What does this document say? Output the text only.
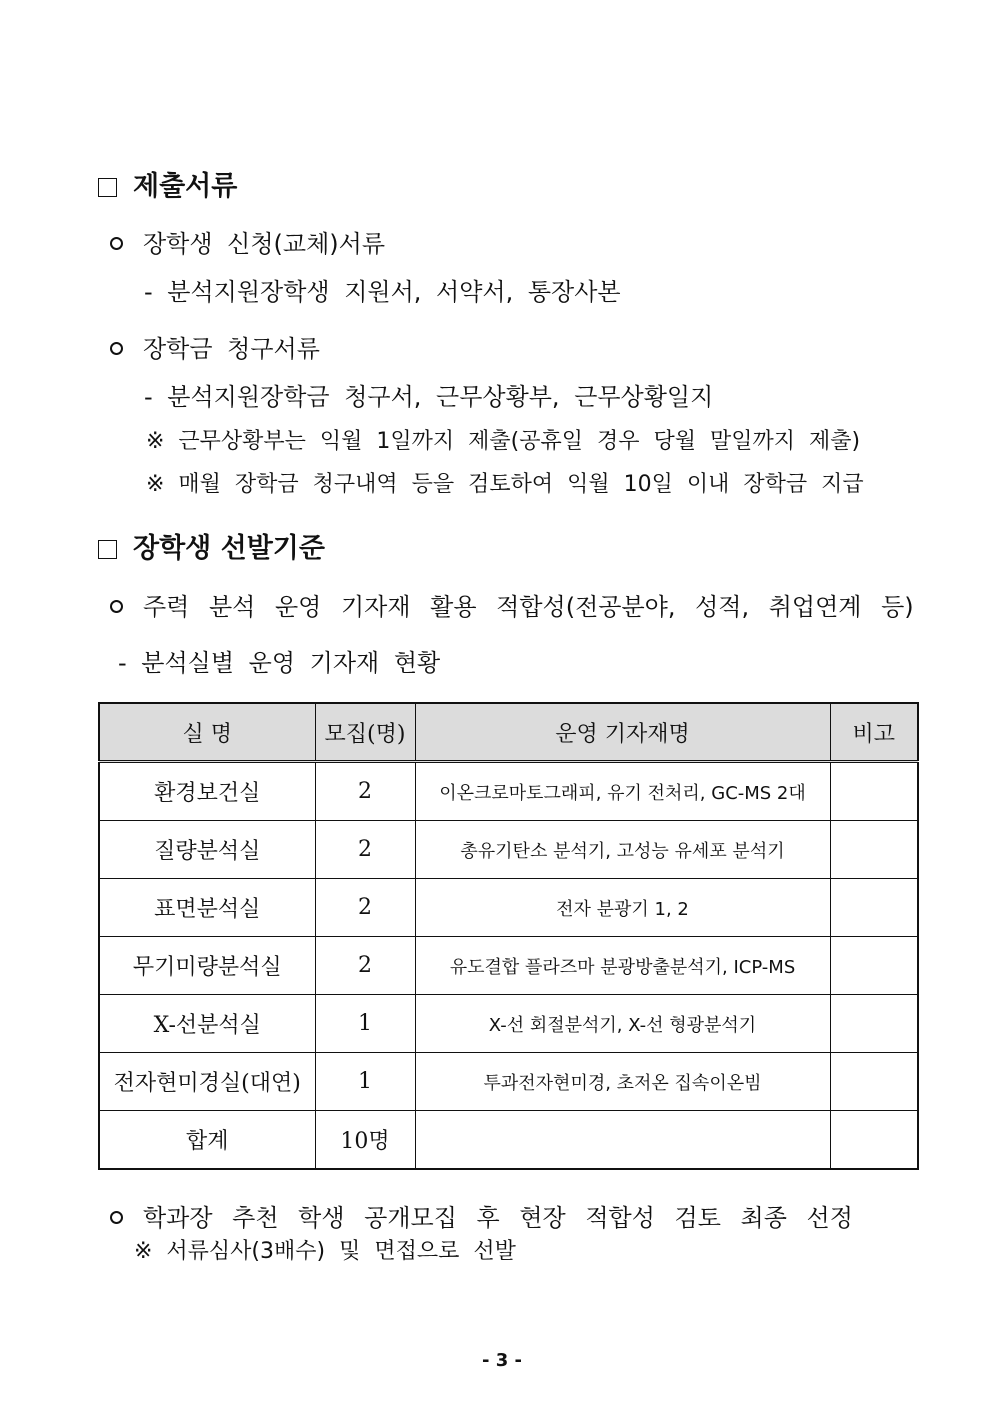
제출서류
장학생 신청(교체)서류
- 분석지원장학생 지원서, 서약서, 통장사본
장학금 청구서류
- 분석지원장학금 청구서, 근무상황부, 근무상황일지
※ 근무상황부는 익월 1일까지 제출(공휴일 경우 당월 말일까지 제출)
※ 매월 장학금 청구내역 등을 검토하여 익월 10일 이내 장학금 지급
장학생 선발기준
주력 분석 운영 기자재 활용 적합성(전공분야, 성적, 취업연계 등)
- 분석실별 운영 기자재 현황
실 명	모집(명)	운영 기자재명	비고
환경보건실	2	이온크로마토그래피, 유기 전처리, GC-MS 2대	
질량분석실	2	총유기탄소 분석기, 고성능 유세포 분석기	
표면분석실	2	전자 분광기 1, 2	
무기미량분석실	2	유도결합 플라즈마 분광방출분석기, ICP-MS	
X-선분석실	1	X-선 회절분석기, X-선 형광분석기	
전자현미경실(대연)	1	투과전자현미경, 초저온 집속이온빔	
합계	10명		
학과장 추천 학생 공개모집 후 현장 적합성 검토 최종 선정
※ 서류심사(3배수) 및 면접으로 선발
- 3 -
